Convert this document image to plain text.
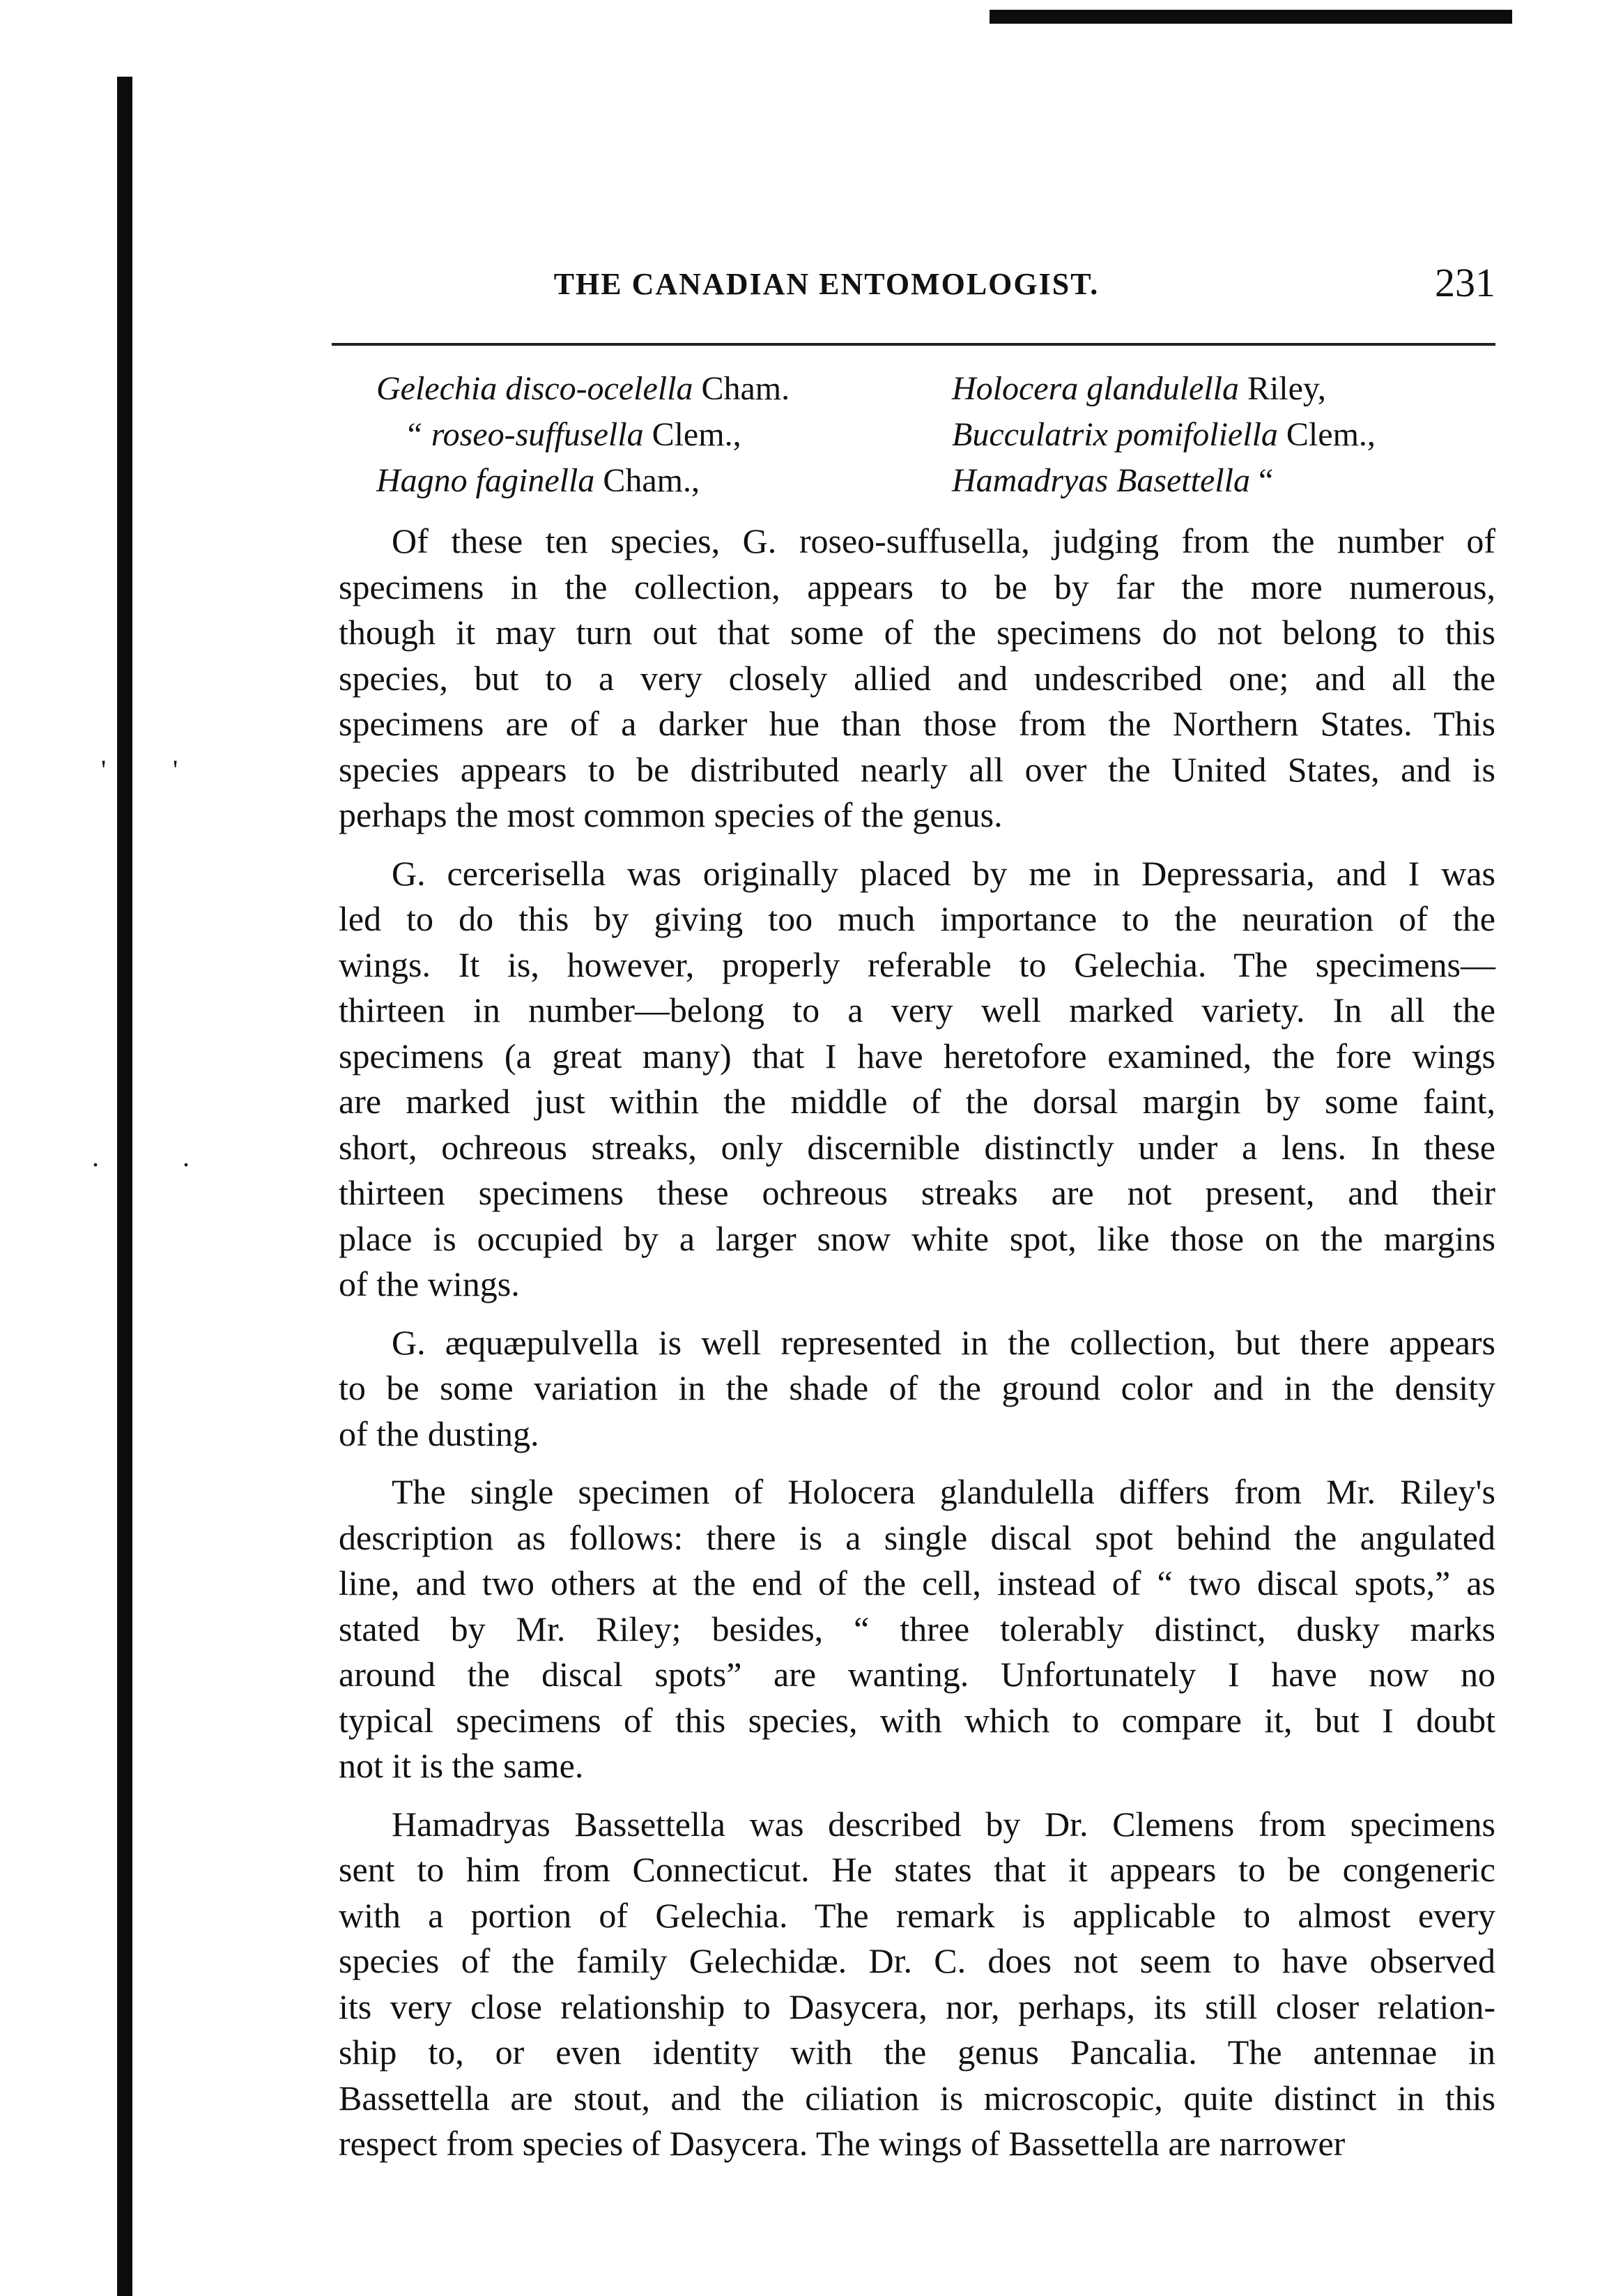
' '
.	.
THE CANADIAN ENTOMOLOGIST.	231
Gelechia disco-ocelella Cham.
“ roseo-suffusella Clem.,
Hagno faginella Cham.,
Holocera glandulella Riley,
Bucculatrix pomifoliella Clem.,
Hamadryas Basettella “

Of these ten species, G. roseo-suffusella, judging from the number of
specimens in the collection, appears to be by far the more numerous,
though it may turn out that some of the specimens do not belong to this
species, but to a very closely allied and undescribed one; and all the
specimens are of a darker hue than those from the Northern States. This
species appears to be distributed nearly all over the United States, and is
perhaps the most common species of the genus.

G. cercerisella was originally placed by me in Depressaria, and I was
led to do this by giving too much importance to the neuration of the
wings. It is, however, properly referable to Gelechia. The specimens—
thirteen in number—belong to a very well marked variety. In all the
specimens (a great many) that I have heretofore examined, the fore wings
are marked just within the middle of the dorsal margin by some faint,
short, ochreous streaks, only discernible distinctly under a lens. In these
thirteen specimens these ochreous streaks are not present, and their
place is occupied by a larger snow white spot, like those on the margins
of the wings.

G. æquæpulvella is well represented in the collection, but there appears
to be some variation in the shade of the ground color and in the density
of the dusting.

The single specimen of Holocera glandulella differs from Mr. Riley's
description as follows: there is a single discal spot behind the angulated
line, and two others at the end of the cell, instead of “ two discal spots,” as
stated by Mr. Riley; besides, “ three tolerably distinct, dusky marks
around the discal spots” are wanting. Unfortunately I have now no
typical specimens of this species, with which to compare it, but I doubt
not it is the same.

Hamadryas Bassettella was described by Dr. Clemens from specimens
sent to him from Connecticut. He states that it appears to be congeneric
with a portion of Gelechia. The remark is applicable to almost every
species of the family Gelechidæ. Dr. C. does not seem to have observed
its very close relationship to Dasycera, nor, perhaps, its still closer relation-
ship to, or even identity with the genus Pancalia. The antennae in
Bassettella are stout, and the ciliation is microscopic, quite distinct in this
respect from species of Dasycera. The wings of Bassettella are narrower
